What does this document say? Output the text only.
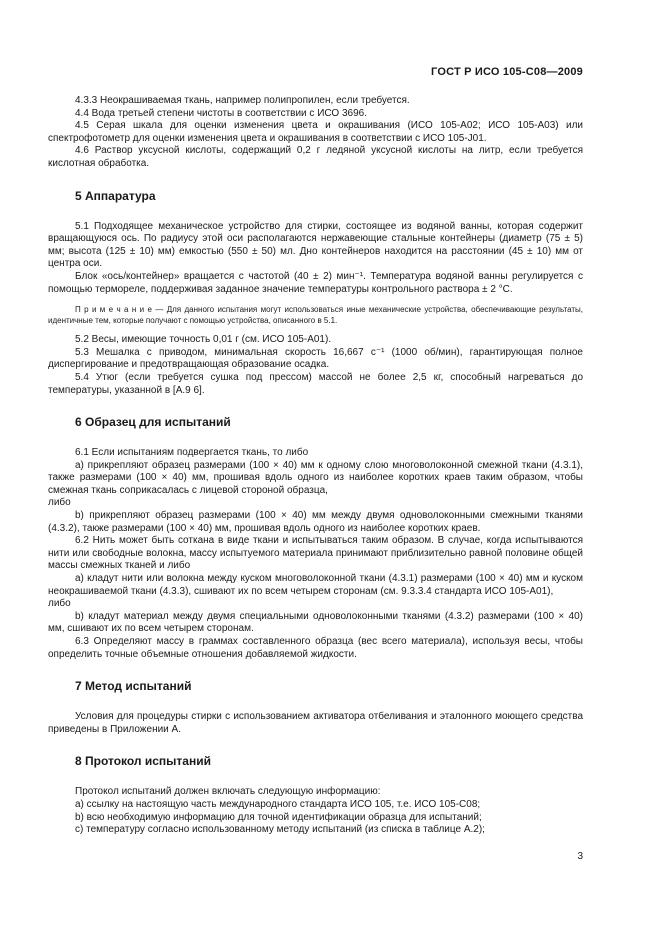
ГОСТ Р ИСО 105-С08—2009

4.3.3 Неокрашиваемая ткань, например полипропилен, если требуется.

4.4 Вода третьей степени чистоты в соответствии с ИСО 3696.

4.5 Серая шкала для оценки изменения цвета и окрашивания (ИСО 105-А02; ИСО 105-А03) или спектрофотометр для оценки изменения цвета и окрашивания в соответствии с ИСО 105-J01.

4.6 Раствор уксусной кислоты, содержащий 0,2 г ледяной уксусной кислоты на литр, если требуется кислотная обработка.

5 Аппаратура

5.1 Подходящее механическое устройство для стирки, состоящее из водяной ванны, которая содержит вращающуюся ось. По радиусу этой оси располагаются нержавеющие стальные контейнеры (диаметр (75 ± 5) мм; высота (125 ± 10) мм) емкостью (550 ± 50) мл. Дно контейнеров находится на расстоянии (45 ± 10) мм от центра оси.

Блок «ось/контейнер» вращается с частотой (40 ± 2) мин⁻¹. Температура водяной ванны регулируется с помощью термореле, поддерживая заданное значение температуры контрольного раствора ± 2 °С.

П р и м е ч а н и е — Для данного испытания могут использоваться иные механические устройства, обеспечивающие результаты, идентичные тем, которые получают с помощью устройства, описанного в 5.1.

5.2 Весы, имеющие точность 0,01 г (см. ИСО 105-А01).

5.3 Мешалка с приводом, минимальная скорость 16,667 с⁻¹ (1000 об/мин), гарантирующая полное диспергирование и предотвращающая образование осадка.

5.4 Утюг (если требуется сушка под прессом) массой не более 2,5 кг, способный нагреваться до температуры, указанной в [А.9 6].

6 Образец для испытаний

6.1 Если испытаниям подвергается ткань, то либо

а) прикрепляют образец размерами (100 × 40) мм к одному слою многоволоконной смежной ткани (4.3.1), также размерами (100 × 40) мм, прошивая вдоль одного из наиболее коротких краев таким образом, чтобы смежная ткань соприкасалась с лицевой стороной образца,

либо

b) прикрепляют образец размерами (100 × 40) мм между двумя одноволоконными смежными тканями (4.3.2), также размерами (100 × 40) мм, прошивая вдоль одного из наиболее коротких краев.

6.2 Нить может быть соткана в виде ткани и испытываться таким образом. В случае, когда испытываются нити или свободные волокна, массу испытуемого материала принимают приблизительно равной половине общей массы смежных тканей и либо

а) кладут нити или волокна между куском многоволоконной ткани (4.3.1) размерами (100 × 40) мм и куском неокрашиваемой ткани (4.3.3), сшивают их по всем четырем сторонам (см. 9.3.3.4 стандарта ИСО 105-А01),

либо

b) кладут материал между двумя специальными одноволоконными тканями (4.3.2) размерами (100 × 40) мм, сшивают их по всем четырем сторонам.

6.3 Определяют массу в граммах составленного образца (вес всего материала), используя весы, чтобы определить точные объемные отношения добавляемой жидкости.

7 Метод испытаний

Условия для процедуры стирки с использованием активатора отбеливания и эталонного моющего средства приведены в Приложении А.

8 Протокол испытаний

Протокол испытаний должен включать следующую информацию:

а) ссылку на настоящую часть международного стандарта ИСО 105, т.е. ИСО 105-С08;

b) всю необходимую информацию для точной идентификации образца для испытаний;

с) температуру согласно использованному методу испытаний (из списка в таблице А.2);

3
